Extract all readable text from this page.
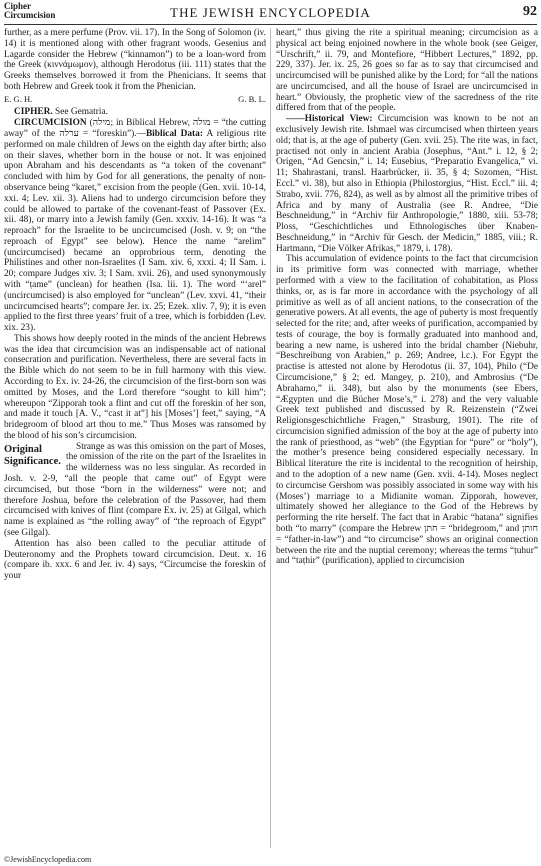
Cipher
Circumcision	THE JEWISH ENCYCLOPEDIA	92

further, as a mere perfume (Prov. vii. 17). In the Song of Solomon (iv. 14) it is mentioned along with other fragrant woods. Gesenius and Lagarde consider the Hebrew (“kinnamon”) to be a loan-word from the Greek (κιννάμωμον), although Herodotus (iii. 111) states that the Greeks themselves borrowed it from the Phenicians. It seems that both Hebrew and Greek took it from the Phenician.

E. G. H.	G. B. L.

CIPHER. See Gematria.

CIRCUMCISION (מילה; in Biblical Hebrew, מולה = “the cutting away” of the ערלה = “foreskin”).—Biblical Data: A religious rite performed on male children of Jews on the eighth day after birth; also on their slaves, whether born in the house or not. It was enjoined upon Abraham and his descendants as “a token of the covenant” concluded with him by God for all generations, the penalty of non-observance being “karet,” excision from the people (Gen. xvii. 10-14, xxi. 4; Lev. xii. 3). Aliens had to undergo circumcision before they could be allowed to partake of the covenant-feast of Passover (Ex. xii. 48), or marry into a Jewish family (Gen. xxxiv. 14-16). It was “a reproach” for the Israelite to be uncircumcised (Josh. v. 9; on “the reproach of Egypt” see below). Hence the name “arelim” (uncircumcised) became an opprobrious term, denoting the Philistines and other non-Israelites (I Sam. xiv. 6, xxxi. 4; II Sam. i. 20; compare Judges xiv. 3; I Sam. xvii. 26), and used synonymously with “ṭame” (unclean) for heathen (Isa. lii. 1). The word “‘arel” (uncircumcised) is also employed for “unclean” (Lev. xxvi. 41, “their uncircumcised hearts”; compare Jer. ix. 25; Ezek. xliv. 7, 9); it is even applied to the first three years’ fruit of a tree, which is forbidden (Lev. xix. 23).

This shows how deeply rooted in the minds of the ancient Hebrews was the idea that circumcision was an indispensable act of national consecration and purification. Nevertheless, there are several facts in the Bible which do not seem to be in full harmony with this view. According to Ex. iv. 24-26, the circumcision of the first-born son was omitted by Moses, and the Lord therefore “sought to kill him”; whereupon “Zipporah took a flint and cut off the foreskin of her son, and made it touch [A. V., “cast it at”] his [Moses’] feet,” saying, “A bridegroom of blood art thou to me.” Thus Moses was ransomed by the blood of his son’s circumcision.

Original Significance.

Strange as was this omission on the part of Moses, the omission of the rite on the part of the Israelites in the wilderness was no less singular. As recorded in Josh. v. 2-9, “all the people that came out” of Egypt were circumcised, but those “born in the wilderness” were not; and therefore Joshua, before the celebration of the Passover, had them circumcised with knives of flint (compare Ex. iv. 25) at Gilgal, which name is explained as “the rolling away” of “the reproach of Egypt” (see Gilgal).

Attention has also been called to the peculiar attitude of Deuteronomy and the Prophets toward circumcision. Deut. x. 16 (compare ib. xxx. 6 and Jer. iv. 4) says, “Circumcise the foreskin of your

heart,” thus giving the rite a spiritual meaning; circumcision as a physical act being enjoined nowhere in the whole book (see Geiger, “Urschrift,” ii. 79, and Montefiore, “Hibbert Lectures,” 1892, pp. 229, 337). Jer. ix. 25, 26 goes so far as to say that circumcised and uncircumcised will be punished alike by the Lord; for “all the nations are uncircumcised, and all the house of Israel are uncircumcised in heart.” Obviously, the prophetic view of the sacredness of the rite differed from that of the people.

——Historical View: Circumcision was known to be not an exclusively Jewish rite. Ishmael was circumcised when thirteen years old; that is, at the age of puberty (Gen. xvii. 25). The rite was, in fact, practised not only in ancient Arabia (Josephus, “Ant.” i. 12, § 2; Origen, “Ad Gencsin,” i. 14; Eusebius, “Preparatio Evangelica,” vi. 11; Shahrastani, transl. Haarbrücker, ii. 35, § 4; Sozomen, “Hist. Eccl.” vi. 38), but also in Ethiopia (Philostorgius, “Hist. Eccl.” iii. 4; Strabo, xvii. 776, 824), as well as by almost all the primitive tribes of Africa and by many of Australia (see R. Andree, “Die Beschneidung,” in “Archiv für Anthropologie,” 1880, xiii. 53-78; Ploss, “Geschichtliches und Ethnologisches über Knaben-Beschneidung,” in “Archiv für Gesch. der Medicin,” 1885, viii.; R. Hartmann, “Die Völker Afrikas,” 1879, i. 178).

This accumulation of evidence points to the fact that circumcision in its primitive form was connected with marriage, whether performed with a view to the facilitation of cohabitation, as Ploss thinks, or, as is far more in accordance with the psychology of all primitive as well as of all ancient nations, to the consecration of the generative powers. At all events, the age of puberty is most frequently selected for the rite; and, after weeks of purification, accompanied by tests of courage, the boy is formally graduated into manhood and, bearing a new name, is ushered into the bridal chamber (Niebuhr, “Beschreibung von Arabien,” p. 269; Andree, l.c.). For Egypt the practise is attested not alone by Herodotus (ii. 37, 104), Philo (“De Circumcisione,” § 2; ed. Mangey, p. 210), and Ambrosius (“De Abrahamo,” ii. 348), but also by the monuments (see Ebers, “Ægypten und die Bücher Mose’s,” i. 278) and the very valuable Greek text published and discussed by R. Reizenstein (“Zwei Religionsgeschichtliche Fragen,” Strasburg, 1901). The rite of circumcision signified admission of the boy at the age of puberty into the rank of priesthood, as “web” (the Egyptian for “pure” or “holy”), the mother’s presence being considered especially necessary. In Biblical literature the rite is incidental to the recognition of heirship, and to the adoption of a new name (Gen. xvii. 4-14). Moses neglect to circumcise Gershom was possibly associated in some way with his (Moses’) marriage to a Midianite woman. Zipporah, however, ultimately showed her allegiance to the God of the Hebrews by performing the rite herself. The fact that in Arabic “hatana” signifies both “to marry” (compare the Hebrew חתן = “bridegroom,” and חותן = “father-in-law”) and “to circumcise” shows an original connection between the rite and the nuptial ceremony; whereas the terms “ṭuhur” and “taṭhir” (purification), applied to circumcision

©JewishEncyclopedia.com
